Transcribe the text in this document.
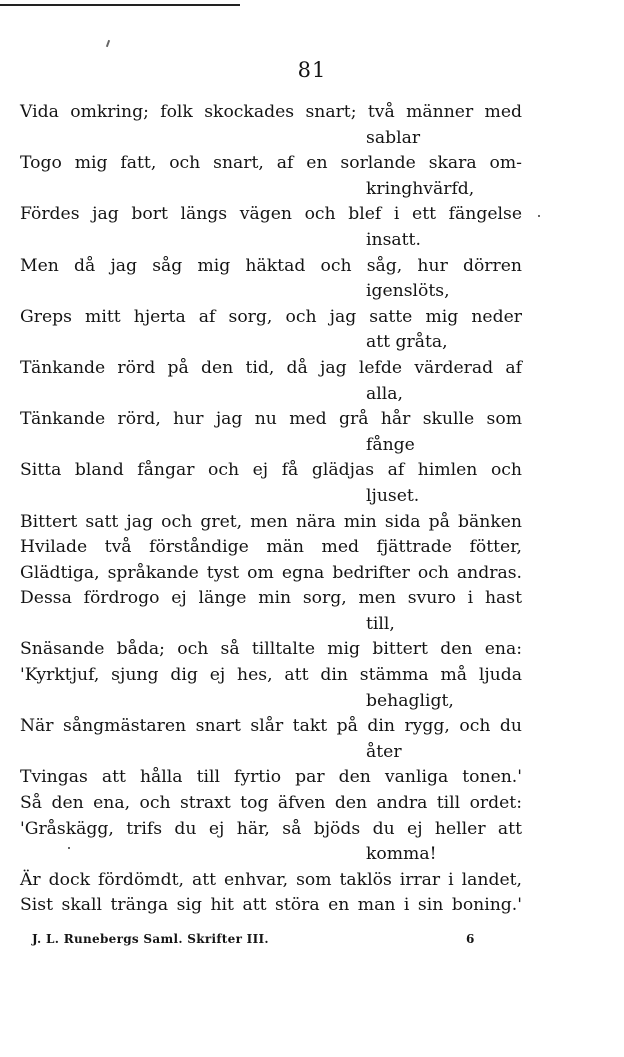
81
Vida omkring; folk skockades snart; två männer med
sablar
Togo mig fatt, och snart, af en sorlande skara om-
kringhvärfd,
Fördes jag bort längs vägen och blef i ett fängelse
insatt.
Men då jag såg mig häktad och såg, hur dörren
igenslöts,
Greps mitt hjerta af sorg, och jag satte mig neder
att gråta,
Tänkande rörd på den tid, då jag lefde värderad af
alla,
Tänkande rörd, hur jag nu med grå hår skulle som
fånge
Sitta bland fångar och ej få glädjas af himlen och
ljuset.
Bittert satt jag och gret, men nära min sida på bänken
Hvilade två förståndige män med fjättrade fötter,
Glädtiga, språkande tyst om egna bedrifter och andras.
Dessa fördrogo ej länge min sorg, men svuro i hast
till,
Snäsande båda; och så tilltalte mig bittert den ena:
'Kyrktjuf, sjung dig ej hes, att din stämma må ljuda
behagligt,
När sångmästaren snart slår takt på din rygg, och du
åter
Tvingas att hålla till fyrtio par den vanliga tonen.'
Så den ena, och straxt tog äfven den andra till ordet:
'Gråskägg, trifs du ej här, så bjöds du ej heller att
komma!
Är dock fördömdt, att enhvar, som taklös irrar i landet,
Sist skall tränga sig hit att störa en man i sin boning.'
J. L. Runebergs Saml. Skrifter III.	6
